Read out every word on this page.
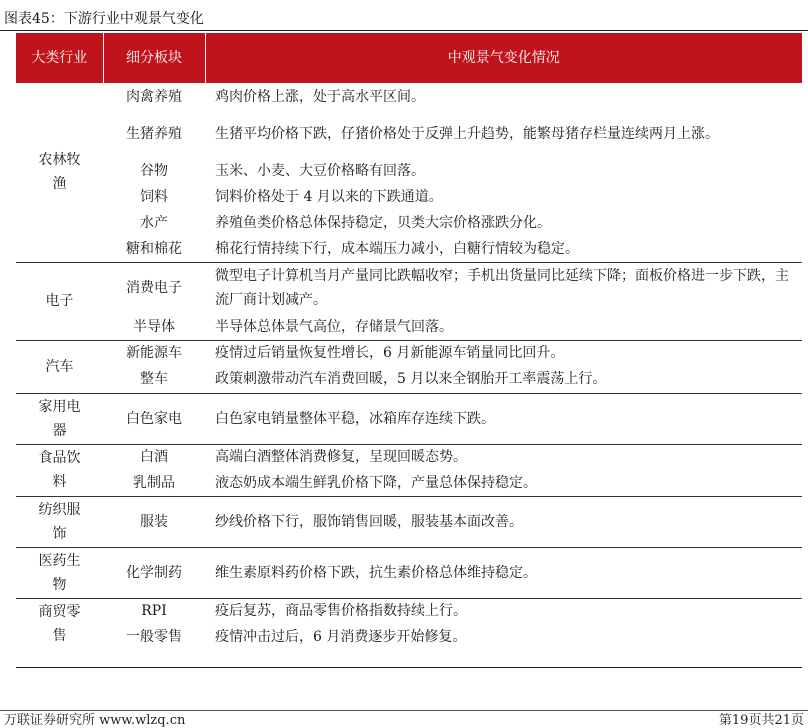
图表45：下游行业中观景气变化
大类行业	细分板块	中观景气变化情况
农林牧渔	肉禽养殖	鸡肉价格上涨，处于高水平区间。
	生猪养殖	生猪平均价格下跌，仔猪价格处于反弹上升趋势，能繁母猪存栏量连续两月上涨。
	谷物	玉米、小麦、大豆价格略有回落。
	饲料	饲料价格处于 4 月以来的下跌通道。
	水产	养殖鱼类价格总体保持稳定，贝类大宗价格涨跌分化。
	糖和棉花	棉花行情持续下行，成本端压力减小，白糖行情较为稳定。
电子	消费电子	微型电子计算机当月产量同比跌幅收窄；手机出货量同比延续下降；面板价格进一步下跌，主流厂商计划减产。
	半导体	半导体总体景气高位，存储景气回落。
汽车	新能源车	疫情过后销量恢复性增长，6 月新能源车销量同比回升。
	整车	政策刺激带动汽车消费回暖，5 月以来全钢胎开工率震荡上行。
家用电器	白色家电	白色家电销量整体平稳，冰箱库存连续下跌。
食品饮料	白酒	高端白酒整体消费修复，呈现回暖态势。
	乳制品	液态奶成本端生鲜乳价格下降，产量总体保持稳定。
纺织服饰	服装	纱线价格下行，服饰销售回暖，服装基本面改善。
医药生物	化学制药	维生素原料药价格下跌，抗生素价格总体维持稳定。
商贸零售	RPI	疫后复苏，商品零售价格指数持续上行。
	一般零售	疫情冲击过后，6 月消费逐步开始修复。
万联证券研究所 www.wlzq.cn	第19页共21页
